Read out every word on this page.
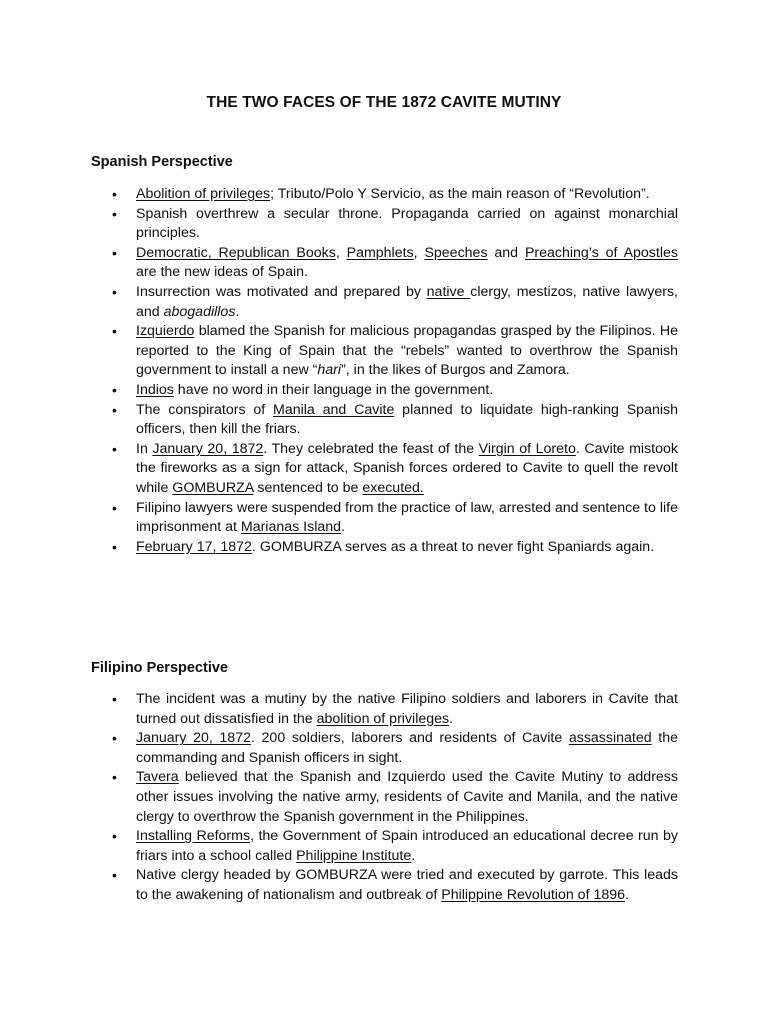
THE TWO FACES OF THE 1872 CAVITE MUTINY
Spanish Perspective
• Abolition of privileges; Tributo/Polo Y Servicio, as the main reason of “Revolution”.
• Spanish overthrew a secular throne. Propaganda carried on against monarchial principles.
• Democratic, Republican Books, Pamphlets, Speeches and Preaching’s of Apostles are the new ideas of Spain.
• Insurrection was motivated and prepared by native clergy, mestizos, native lawyers, and abogadillos.
• Izquierdo blamed the Spanish for malicious propagandas grasped by the Filipinos. He reported to the King of Spain that the “rebels” wanted to overthrow the Spanish government to install a new “hari”, in the likes of Burgos and Zamora.
• Indios have no word in their language in the government.
• The conspirators of Manila and Cavite planned to liquidate high-ranking Spanish officers, then kill the friars.
• In January 20, 1872. They celebrated the feast of the Virgin of Loreto. Cavite mistook the fireworks as a sign for attack, Spanish forces ordered to Cavite to quell the revolt while GOMBURZA sentenced to be executed.
• Filipino lawyers were suspended from the practice of law, arrested and sentence to life imprisonment at Marianas Island.
• February 17, 1872. GOMBURZA serves as a threat to never fight Spaniards again.
Filipino Perspective
• The incident was a mutiny by the native Filipino soldiers and laborers in Cavite that turned out dissatisfied in the abolition of privileges.
• January 20, 1872. 200 soldiers, laborers and residents of Cavite assassinated the commanding and Spanish officers in sight.
• Tavera believed that the Spanish and Izquierdo used the Cavite Mutiny to address other issues involving the native army, residents of Cavite and Manila, and the native clergy to overthrow the Spanish government in the Philippines.
• Installing Reforms, the Government of Spain introduced an educational decree run by friars into a school called Philippine Institute.
• Native clergy headed by GOMBURZA were tried and executed by garrote. This leads to the awakening of nationalism and outbreak of Philippine Revolution of 1896.
